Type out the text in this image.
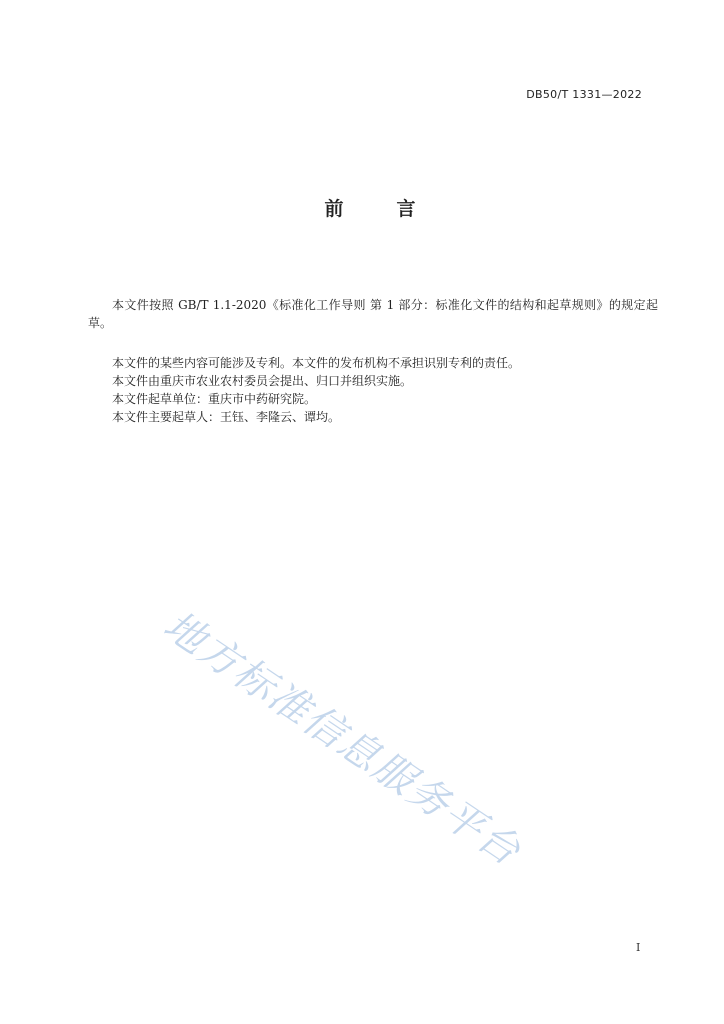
DB50/T 1331—2022
前        言

本文件按照 GB/T 1.1-2020《标准化工作导则 第 1 部分：标准化文件的结构和起草规则》的规定起草。

本文件的某些内容可能涉及专利。本文件的发布机构不承担识别专利的责任。

本文件由重庆市农业农村委员会提出、归口并组织实施。

本文件起草单位：重庆市中药研究院。

本文件主要起草人：王钰、李隆云、谭均。

地方标准信息服务平台
I
